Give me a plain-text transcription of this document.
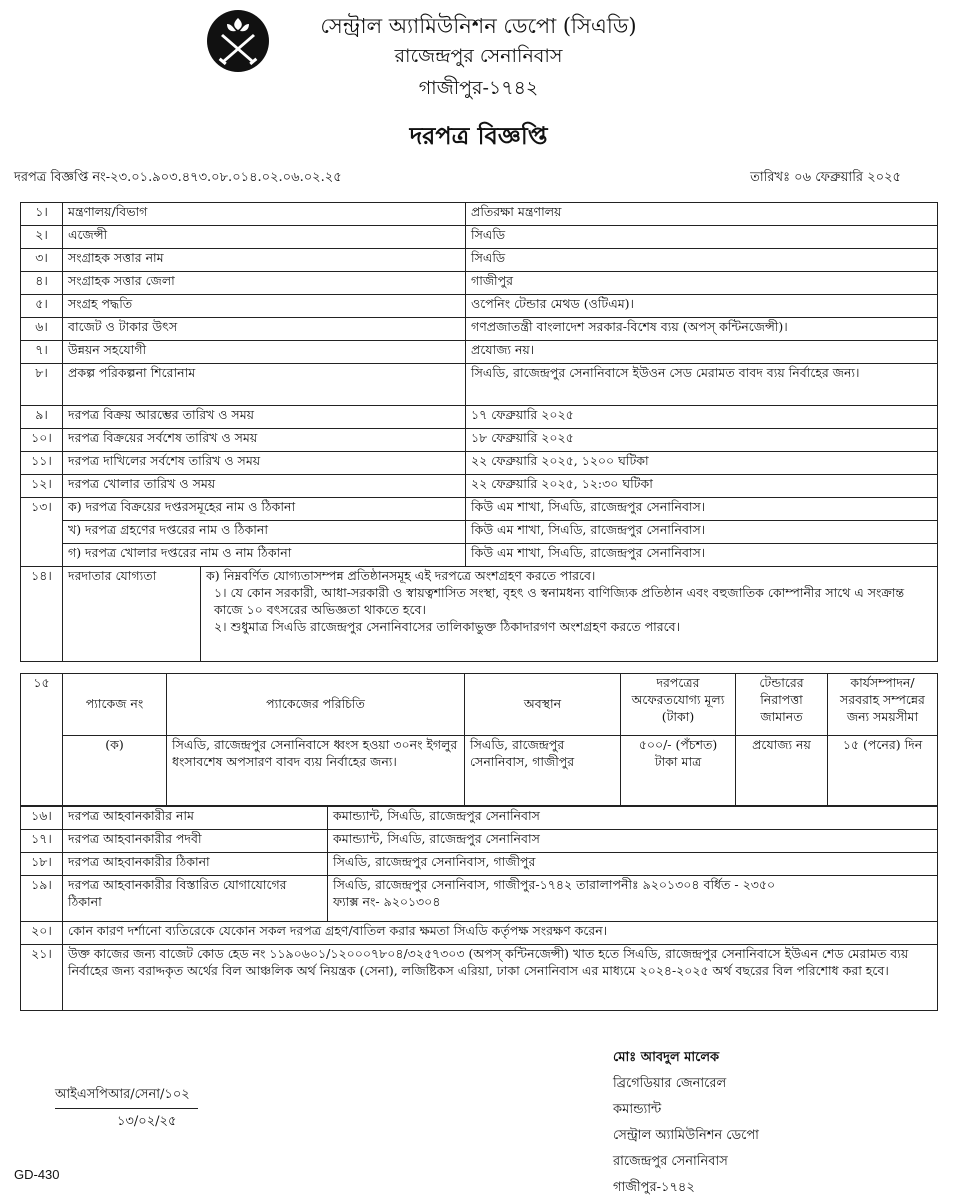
সেন্ট্রাল অ্যামিউনিশন ডেপো (সিএডি)
রাজেন্দ্রপুর সেনানিবাস
গাজীপুর-১৭৪২
দরপত্র বিজ্ঞপ্তি
দরপত্র বিজ্ঞপ্তি নং-২৩.০১.৯০৩.৪৭৩.০৮.০১৪.০২.০৬.০২.২৫	তারিখঃ ০৬ ফেব্রুয়ারি ২০২৫
১।	মন্ত্রণালয়/বিভাগ		প্রতিরক্ষা মন্ত্রণালয়
২।	এজেন্সী		সিএডি
৩।	সংগ্রাহক সত্তার নাম		সিএডি
৪।	সংগ্রাহক সত্তার জেলা		গাজীপুর
৫।	সংগ্রহ পদ্ধতি		ওপেনিং টেন্ডার মেথড (ওটিএম)।
৬।	বাজেট ও টাকার উৎস		গণপ্রজাতন্ত্রী বাংলাদেশ সরকার-বিশেষ ব্যয় (অপস্ কন্টিনজেন্সী)।
৭।	উন্নয়ন সহযোগী		প্রযোজ্য নয়।
৮।	প্রকল্প পরিকল্পনা শিরোনাম		সিএডি, রাজেন্দ্রপুর সেনানিবাসে ইউওন সেড মেরামত বাবদ ব্যয় নির্বাহের জন্য।
৯।	দরপত্র বিক্রয় আরম্ভের তারিখ ও সময়		১৭ ফেব্রুয়ারি ২০২৫
১০।	দরপত্র বিক্রয়ের সর্বশেষ তারিখ ও সময়		১৮ ফেব্রুয়ারি ২০২৫
১১।	দরপত্র দাখিলের সর্বশেষ তারিখ ও সময়		২২ ফেব্রুয়ারি ২০২৫, ১২০০ ঘটিকা
১২।	দরপত্র খোলার তারিখ ও সময়		২২ ফেব্রুয়ারি ২০২৫, ১২:৩০ ঘটিকা
১৩।	ক) দরপত্র বিক্রয়ের দপ্তরসমূহের নাম ও ঠিকানা		কিউ এম শাখা, সিএডি, রাজেন্দ্রপুর সেনানিবাস।
	খ) দরপত্র গ্রহণের দপ্তরের নাম ও ঠিকানা		কিউ এম শাখা, সিএডি, রাজেন্দ্রপুর সেনানিবাস।
	গ) দরপত্র খোলার দপ্তরের নাম ও নাম ঠিকানা		কিউ এম শাখা, সিএডি, রাজেন্দ্রপুর সেনানিবাস।
১৪।	দরদাতার যোগ্যতা	ক) নিম্নবর্ণিত যোগ্যতাসম্পন্ন প্রতিষ্ঠানসমূহ এই দরপত্রে অংশগ্রহণ করতে পারবে।
১। যে কোন সরকারী, আধা-সরকারী ও স্বায়ত্বশাসিত সংস্থা, বৃহৎ ও স্বনামধন্য বাণিজ্যিক প্রতিষ্ঠান এবং বহুজাতিক কোম্পানীর সাথে এ সংক্রান্ত কাজে ১০ বৎসরের অভিজ্ঞতা থাকতে হবে।
২। শুধুমাত্র সিএডি রাজেন্দ্রপুর সেনানিবাসের তালিকাভুক্ত ঠিকাদারগণ অংশগ্রহণ করতে পারবে।	
১৫	প্যাকেজ নং	প্যাকেজের পরিচিতি	অবস্থান	দরপত্রের অফেরতযোগ্য মূল্য (টাকা)	টেন্ডারের নিরাপত্তা জামানত	কার্যসম্পাদন/ সরবরাহ সম্পন্নের জন্য সময়সীমা
	(ক)	সিএডি, রাজেন্দ্রপুর সেনানিবাসে ধ্বংস হওয়া ৩০নং ইগলুর ধংসাবশেষ অপসারণ বাবদ ব্যয় নির্বাহের জন্য।	সিএডি, রাজেন্দ্রপুর সেনানিবাস, গাজীপুর	৫০০/- (পঁচশত) টাকা মাত্র	প্রযোজ্য নয়	১৫ (পনের) দিন
১৬।	দরপত্র আহবানকারীর নাম	কমান্ড্যান্ট, সিএডি, রাজেন্দ্রপুর সেনানিবাস
১৭।	দরপত্র আহবানকারীর পদবী	কমান্ড্যান্ট, সিএডি, রাজেন্দ্রপুর সেনানিবাস
১৮।	দরপত্র আহবানকারীর ঠিকানা	সিএডি, রাজেন্দ্রপুর সেনানিবাস, গাজীপুর
১৯।	দরপত্র আহবানকারীর বিস্তারিত যোগাযোগের ঠিকানা	সিএডি, রাজেন্দ্রপুর সেনানিবাস, গাজীপুর-১৭৪২ তারালাপনীঃ ৯২০১৩০৪ বর্ধিত - ২৩৫০
ফ্যাক্স নং- ৯২০১৩০৪

২০।	কোন কারণ দর্শানো ব্যতিরেকে যেকোন সকল দরপত্র গ্রহণ/বাতিল করার ক্ষমতা সিএডি কর্তৃপক্ষ সংরক্ষণ করেন।	
২১।	উক্ত কাজের জন্য বাজেট কোড হেড নং ১১৯০৬০১/১২০০০৭৮০৪/৩২৫৭৩০৩ (অপস্ কন্টিনজেন্সী) খাত হতে সিএডি, রাজেন্দ্রপুর সেনানিবাসে ইউএন শেড মেরামত ব্যয় নির্বাহের জন্য বরাদ্দকৃত অর্থের বিল আঞ্চলিক অর্থ নিয়ন্ত্রক (সেনা), লজিষ্টিকস এরিয়া, ঢাকা সেনানিবাস এর মাধ্যমে ২০২৪-২০২৫ অর্থ বছরের বিল পরিশোধ করা হবে।	
মোঃ আবদুল মালেক
ব্রিগেডিয়ার জেনারেল
কমান্ড্যান্ট
সেন্ট্রাল অ্যামিউনিশন ডেপো
রাজেন্দ্রপুর সেনানিবাস
গাজীপুর-১৭৪২
আইএসপিআর/সেনা/১০২
১৩/০২/২৫
GD-430
